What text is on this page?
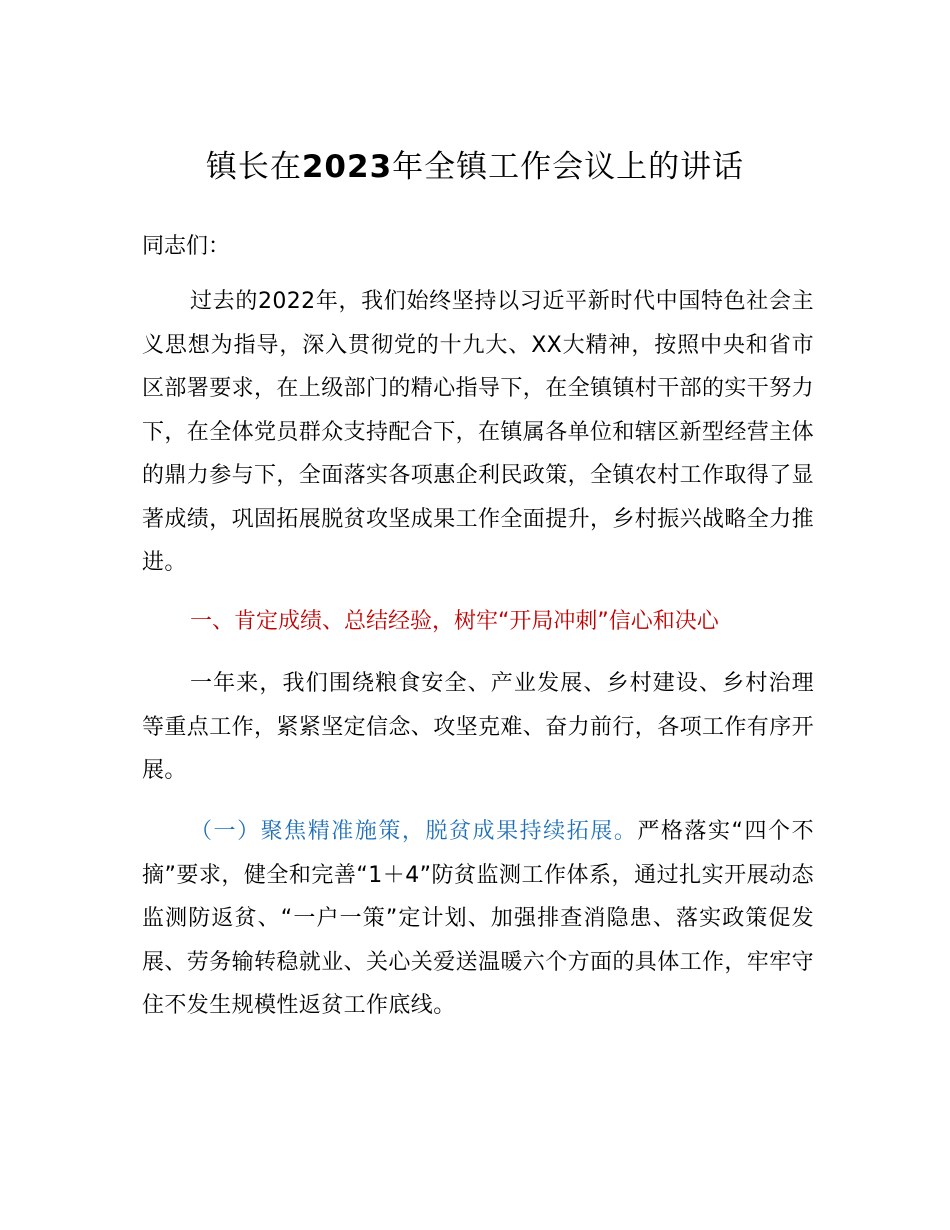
镇长在2023年全镇工作会议上的讲话

同志们：

过去的2022年，我们始终坚持以习近平新时代中国特色社会主义思想为指导，深入贯彻党的十九大、XX大精神，按照中央和省市区部署要求，在上级部门的精心指导下，在全镇镇村干部的实干努力下，在全体党员群众支持配合下，在镇属各单位和辖区新型经营主体的鼎力参与下，全面落实各项惠企利民政策，全镇农村工作取得了显著成绩，巩固拓展脱贫攻坚成果工作全面提升，乡村振兴战略全力推进。

一、肯定成绩、总结经验，树牢“开局冲刺”信心和决心

一年来，我们围绕粮食安全、产业发展、乡村建设、乡村治理等重点工作，紧紧坚定信念、攻坚克难、奋力前行，各项工作有序开展。

（一）聚焦精准施策，脱贫成果持续拓展。严格落实“四个不摘”要求，健全和完善“1＋4”防贫监测工作体系，通过扎实开展动态监测防返贫、“一户一策”定计划、加强排查消隐患、落实政策促发展、劳务输转稳就业、关心关爱送温暖六个方面的具体工作，牢牢守住不发生规模性返贫工作底线。
